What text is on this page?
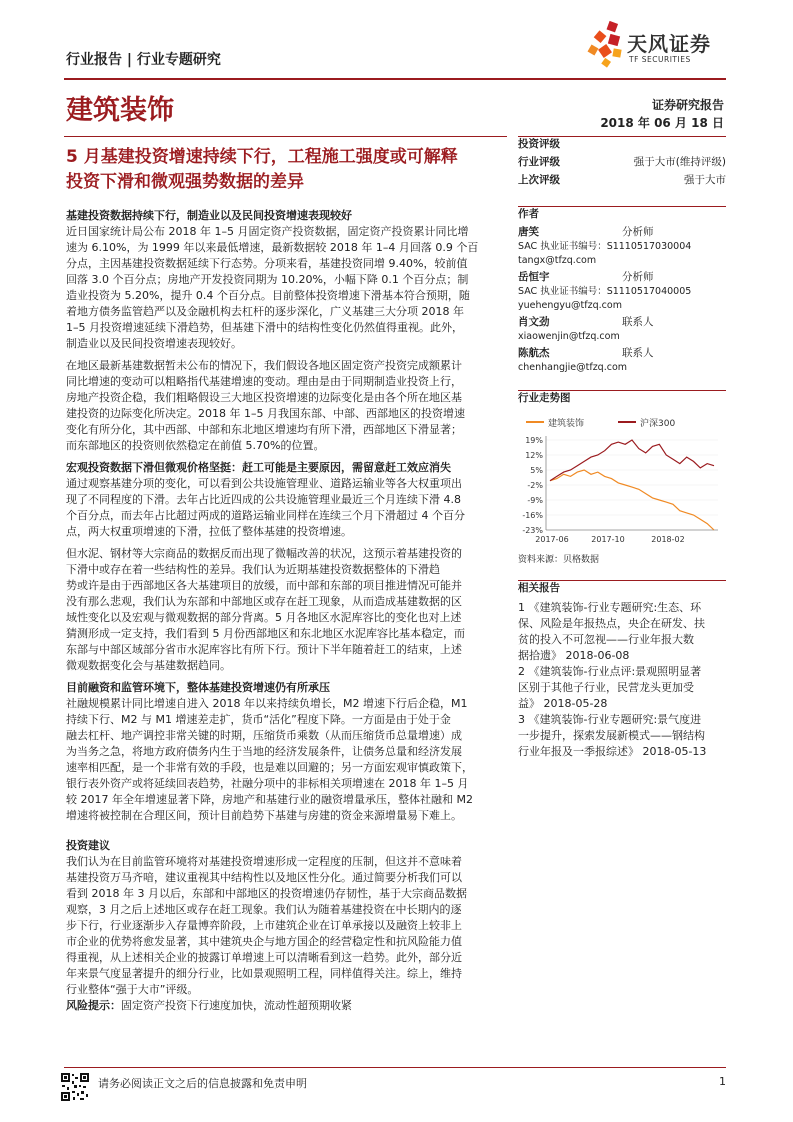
行业报告 | 行业专题研究
天风证券
TF SECURITIES
建筑装饰	证券研究报告
2018 年 06 月 18 日
5 月基建投资增速持续下行，工程施工强度或可解释
投资下滑和微观强势数据的差异
基建投资数据持续下行，制造业以及民间投资增速表现较好
近日国家统计局公布 2018 年 1–5 月固定资产投资数据，固定资产投资累计同比增
速为 6.10%，为 1999 年以来最低增速，最新数据较 2018 年 1–4 月回落 0.9 个百
分点，主因基建投资数据延续下行态势。分项来看，基建投资同增 9.40%，较前值
回落 3.0 个百分点；房地产开发投资同期为 10.20%，小幅下降 0.1 个百分点；制
造业投资为 5.20%，提升 0.4 个百分点。目前整体投资增速下滑基本符合预期，随
着地方债务监管趋严以及金融机构去杠杆的逐步深化，广义基建三大分项 2018 年
1–5 月投资增速延续下滑趋势，但基建下滑中的结构性变化仍然值得重视。此外，
制造业以及民间投资增速表现较好。
在地区最新基建数据暂未公布的情况下，我们假设各地区固定资产投资完成额累计
同比增速的变动可以粗略指代基建增速的变动。理由是由于同期制造业投资上行，
房地产投资企稳，我们粗略假设三大地区投资增速的边际变化是由各个所在地区基
建投资的边际变化所决定。2018 年 1–5 月我国东部、中部、西部地区的投资增速
变化有所分化，其中西部、中部和东北地区增速均有所下滑，西部地区下滑显著；
而东部地区的投资则依然稳定在前值 5.70%的位置。
宏观投资数据下滑但微观价格坚挺：赶工可能是主要原因，需留意赶工效应消失
通过观察基建分项的变化，可以看到公共设施管理业、道路运输业等各大权重项出
现了不同程度的下滑。去年占比近四成的公共设施管理业最近三个月连续下滑 4.8
个百分点，而去年占比超过两成的道路运输业同样在连续三个月下滑超过 4 个百分
点，两大权重项增速的下滑，拉低了整体基建的投资增速。
但水泥、钢材等大宗商品的数据反而出现了微幅改善的状况，这预示着基建投资的
下滑中或存在着一些结构性的差异。我们认为近期基建投资数据整体的下滑趋
势或许是由于西部地区各大基建项目的放缓，而中部和东部的项目推进情况可能并
没有那么悲观，我们认为东部和中部地区或存在赶工现象，从而造成基建数据的区
域性变化以及宏观与微观数据的部分背离。5 月各地区水泥库容比的变化也对上述
猜测形成一定支持，我们看到 5 月份西部地区和东北地区水泥库容比基本稳定，而
东部与中部区域部分省市水泥库容比有所下行。预计下半年随着赶工的结束，上述
微观数据变化会与基建数据趋同。
目前融资和监管环境下，整体基建投资增速仍有所承压
社融规模累计同比增速自进入 2018 年以来持续负增长，M2 增速下行后企稳，M1
持续下行、M2 与 M1 增速差走扩，货币“活化”程度下降。一方面是由于处于金
融去杠杆、地产调控非常关键的时期，压缩货币乘数（从而压缩货币总量增速）成
为当务之急，将地方政府债务内生于当地的经济发展条件，让债务总量和经济发展
速率相匹配，是一个非常有效的手段，也是难以回避的；另一方面宏观审慎政策下，
银行表外资产或将延续回表趋势，社融分项中的非标相关项增速在 2018 年 1–5 月
较 2017 年全年增速显著下降，房地产和基建行业的融资增量承压，整体社融和 M2
增速将被控制在合理区间，预计目前趋势下基建与房建的资金来源增量易下难上。
投资建议
我们认为在目前监管环境将对基建投资增速形成一定程度的压制，但这并不意味着
基建投资万马齐喑，建议重视其中结构性以及地区性分化。通过简要分析我们可以
看到 2018 年 3 月以后，东部和中部地区的投资增速仍存韧性，基于大宗商品数据
观察，3 月之后上述地区或存在赶工现象。我们认为随着基建投资在中长期内的逐
步下行，行业逐渐步入存量博弈阶段，上市建筑企业在订单承接以及融资上较非上
市企业的优势将愈发显著，其中建筑央企与地方国企的经营稳定性和抗风险能力值
得重视，从上述相关企业的披露订单增速上可以清晰看到这一趋势。此外，部分近
年来景气度显著提升的细分行业，比如景观照明工程，同样值得关注。综上，维持
行业整体“强于大市”评级。
风险提示：固定资产投资下行速度加快，流动性超预期收紧
投资评级
行业评级	强于大市(维持评级)
上次评级	强于大市
作者
唐笑	分析师
SAC 执业证书编号：S1110517030004
tangx@tfzq.com
岳恒宇	分析师
SAC 执业证书编号：S1110517040005
yuehengyu@tfzq.com
肖文劲	联系人
xiaowenjin@tfzq.com
陈航杰	联系人
chenhangjie@tfzq.com
行业走势图
建筑装饰	沪深300
19%
12%
5%
-2%
-9%
-16%
-23%
2017-06	2017-10	2018-02
资料来源：贝格数据
相关报告
1 《建筑装饰-行业专题研究:生态、环
保、风险是年报热点，央企在研发、扶
贫的投入不可忽视——行业年报大数
据拾遗》 2018-06-08
2 《建筑装饰-行业点评:景观照明显著
区别于其他子行业，民营龙头更加受
益》 2018-05-28
3 《建筑装饰-行业专题研究:景气度进
一步提升，探索发展新模式——钢结构
行业年报及一季报综述》 2018-05-13
请务必阅读正文之后的信息披露和免责申明	1
